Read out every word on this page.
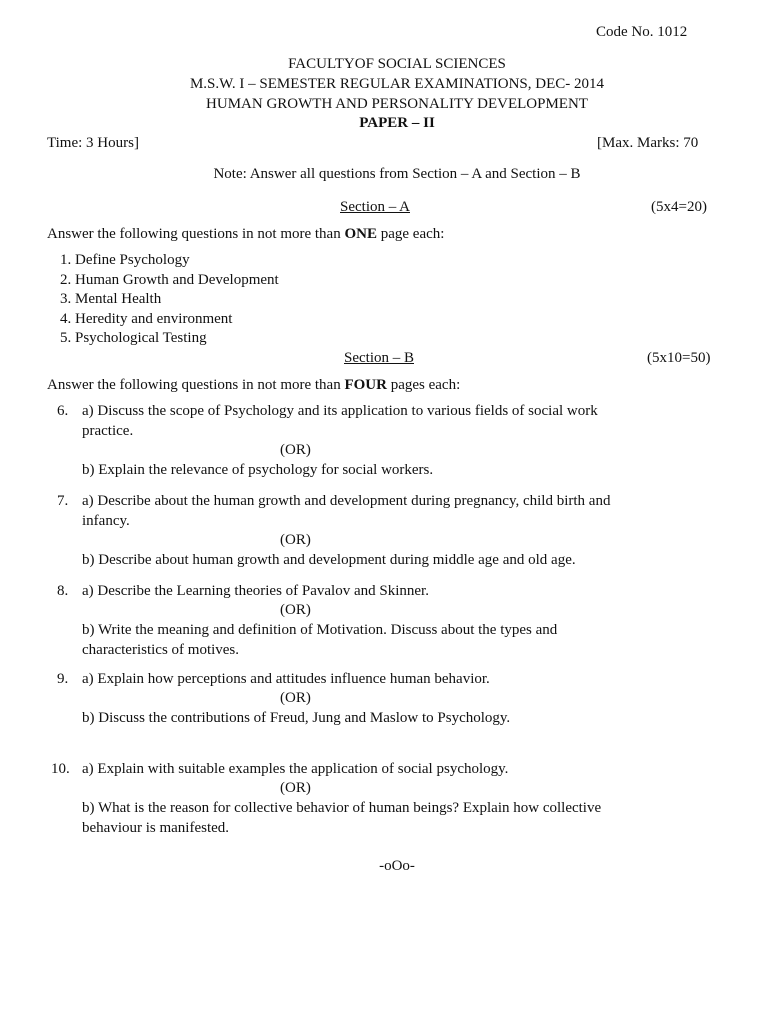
Code No. 1012
FACULTYOF SOCIAL SCIENCES
M.S.W. I – SEMESTER REGULAR EXAMINATIONS, DEC- 2014
HUMAN GROWTH AND PERSONALITY DEVELOPMENT
PAPER – II
Time: 3 Hours]	[Max. Marks: 70
Note: Answer all questions from Section – A and Section – B
Section – A	(5x4=20)
Answer the following questions in not more than ONE page each:
1. Define Psychology
2. Human Growth and Development
3. Mental Health
4. Heredity and environment
5. Psychological Testing
Section – B	(5x10=50)
Answer the following questions in not more than FOUR pages each:
6. a) Discuss the scope of Psychology and its application to various fields of social work
practice.
(OR)
b) Explain the relevance of psychology for social workers.
7. a) Describe about the human growth and development during pregnancy, child birth and
infancy.
(OR)
b) Describe about human growth and development during middle age and old age.
8. a) Describe the Learning theories of Pavalov and Skinner.
(OR)
b) Write the meaning and definition of Motivation. Discuss about the types and
characteristics of motives.
9. a) Explain how perceptions and attitudes influence human behavior.
(OR)
b) Discuss the contributions of Freud, Jung and Maslow to Psychology.
10. a) Explain with suitable examples the application of social psychology.
(OR)
b) What is the reason for collective behavior of human beings? Explain how collective
behaviour is manifested.
-oOo-
